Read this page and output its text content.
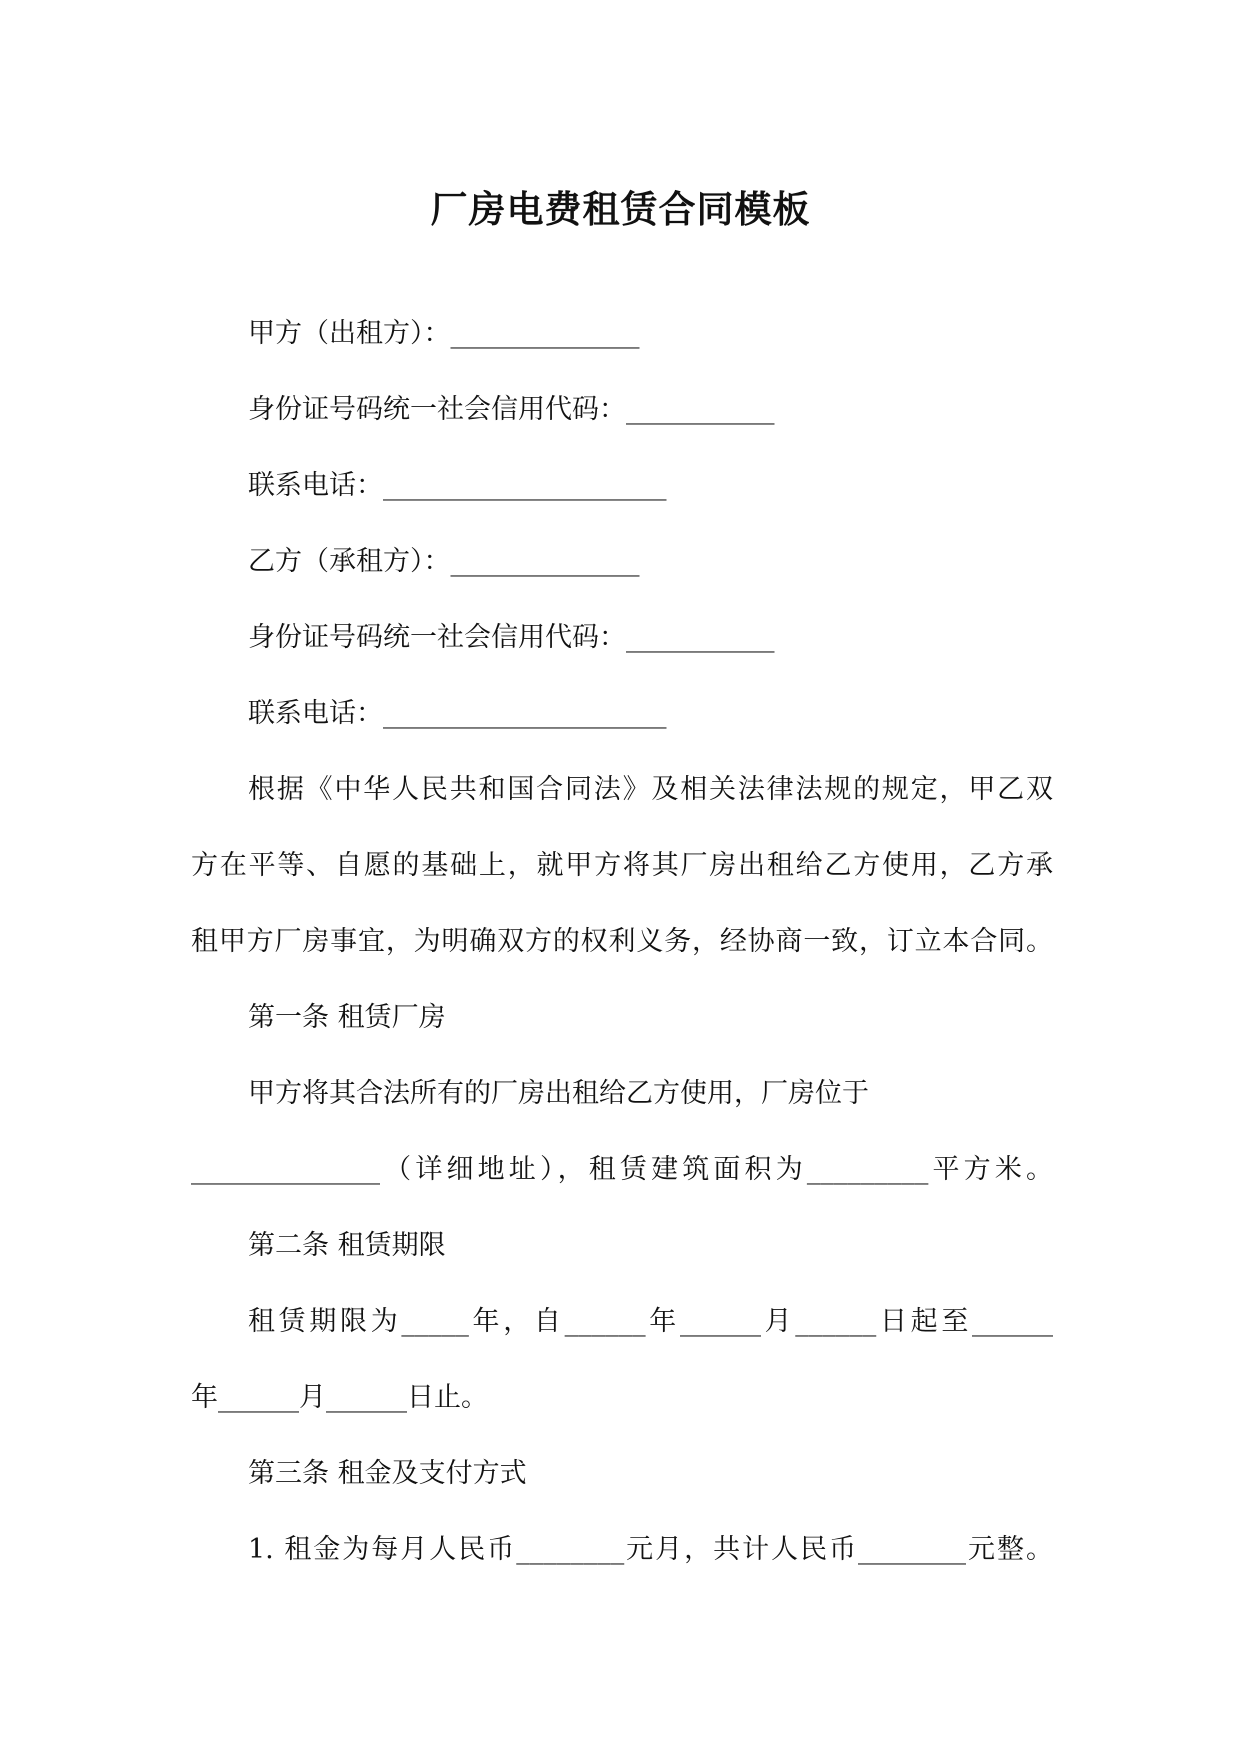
厂房电费租赁合同模板
甲方（出租方）：______________
身份证号码统一社会信用代码：___________
联系电话：_____________________
乙方（承租方）：______________
身份证号码统一社会信用代码：___________
联系电话：_____________________
根据《中华人民共和国合同法》及相关法律法规的规定，甲乙双
方在平等、自愿的基础上，就甲方将其厂房出租给乙方使用，乙方承
租甲方厂房事宜，为明确双方的权利义务，经协商一致，订立本合同。
第一条 租赁厂房
甲方将其合法所有的厂房出租给乙方使用，厂房位于
______________（详细地址），租赁建筑面积为_________平方米。
第二条 租赁期限
租赁期限为_____年，自______年______月______日起至______
年______月______日止。
第三条 租金及支付方式
1. 租金为每月人民币________元月，共计人民币________元整。
